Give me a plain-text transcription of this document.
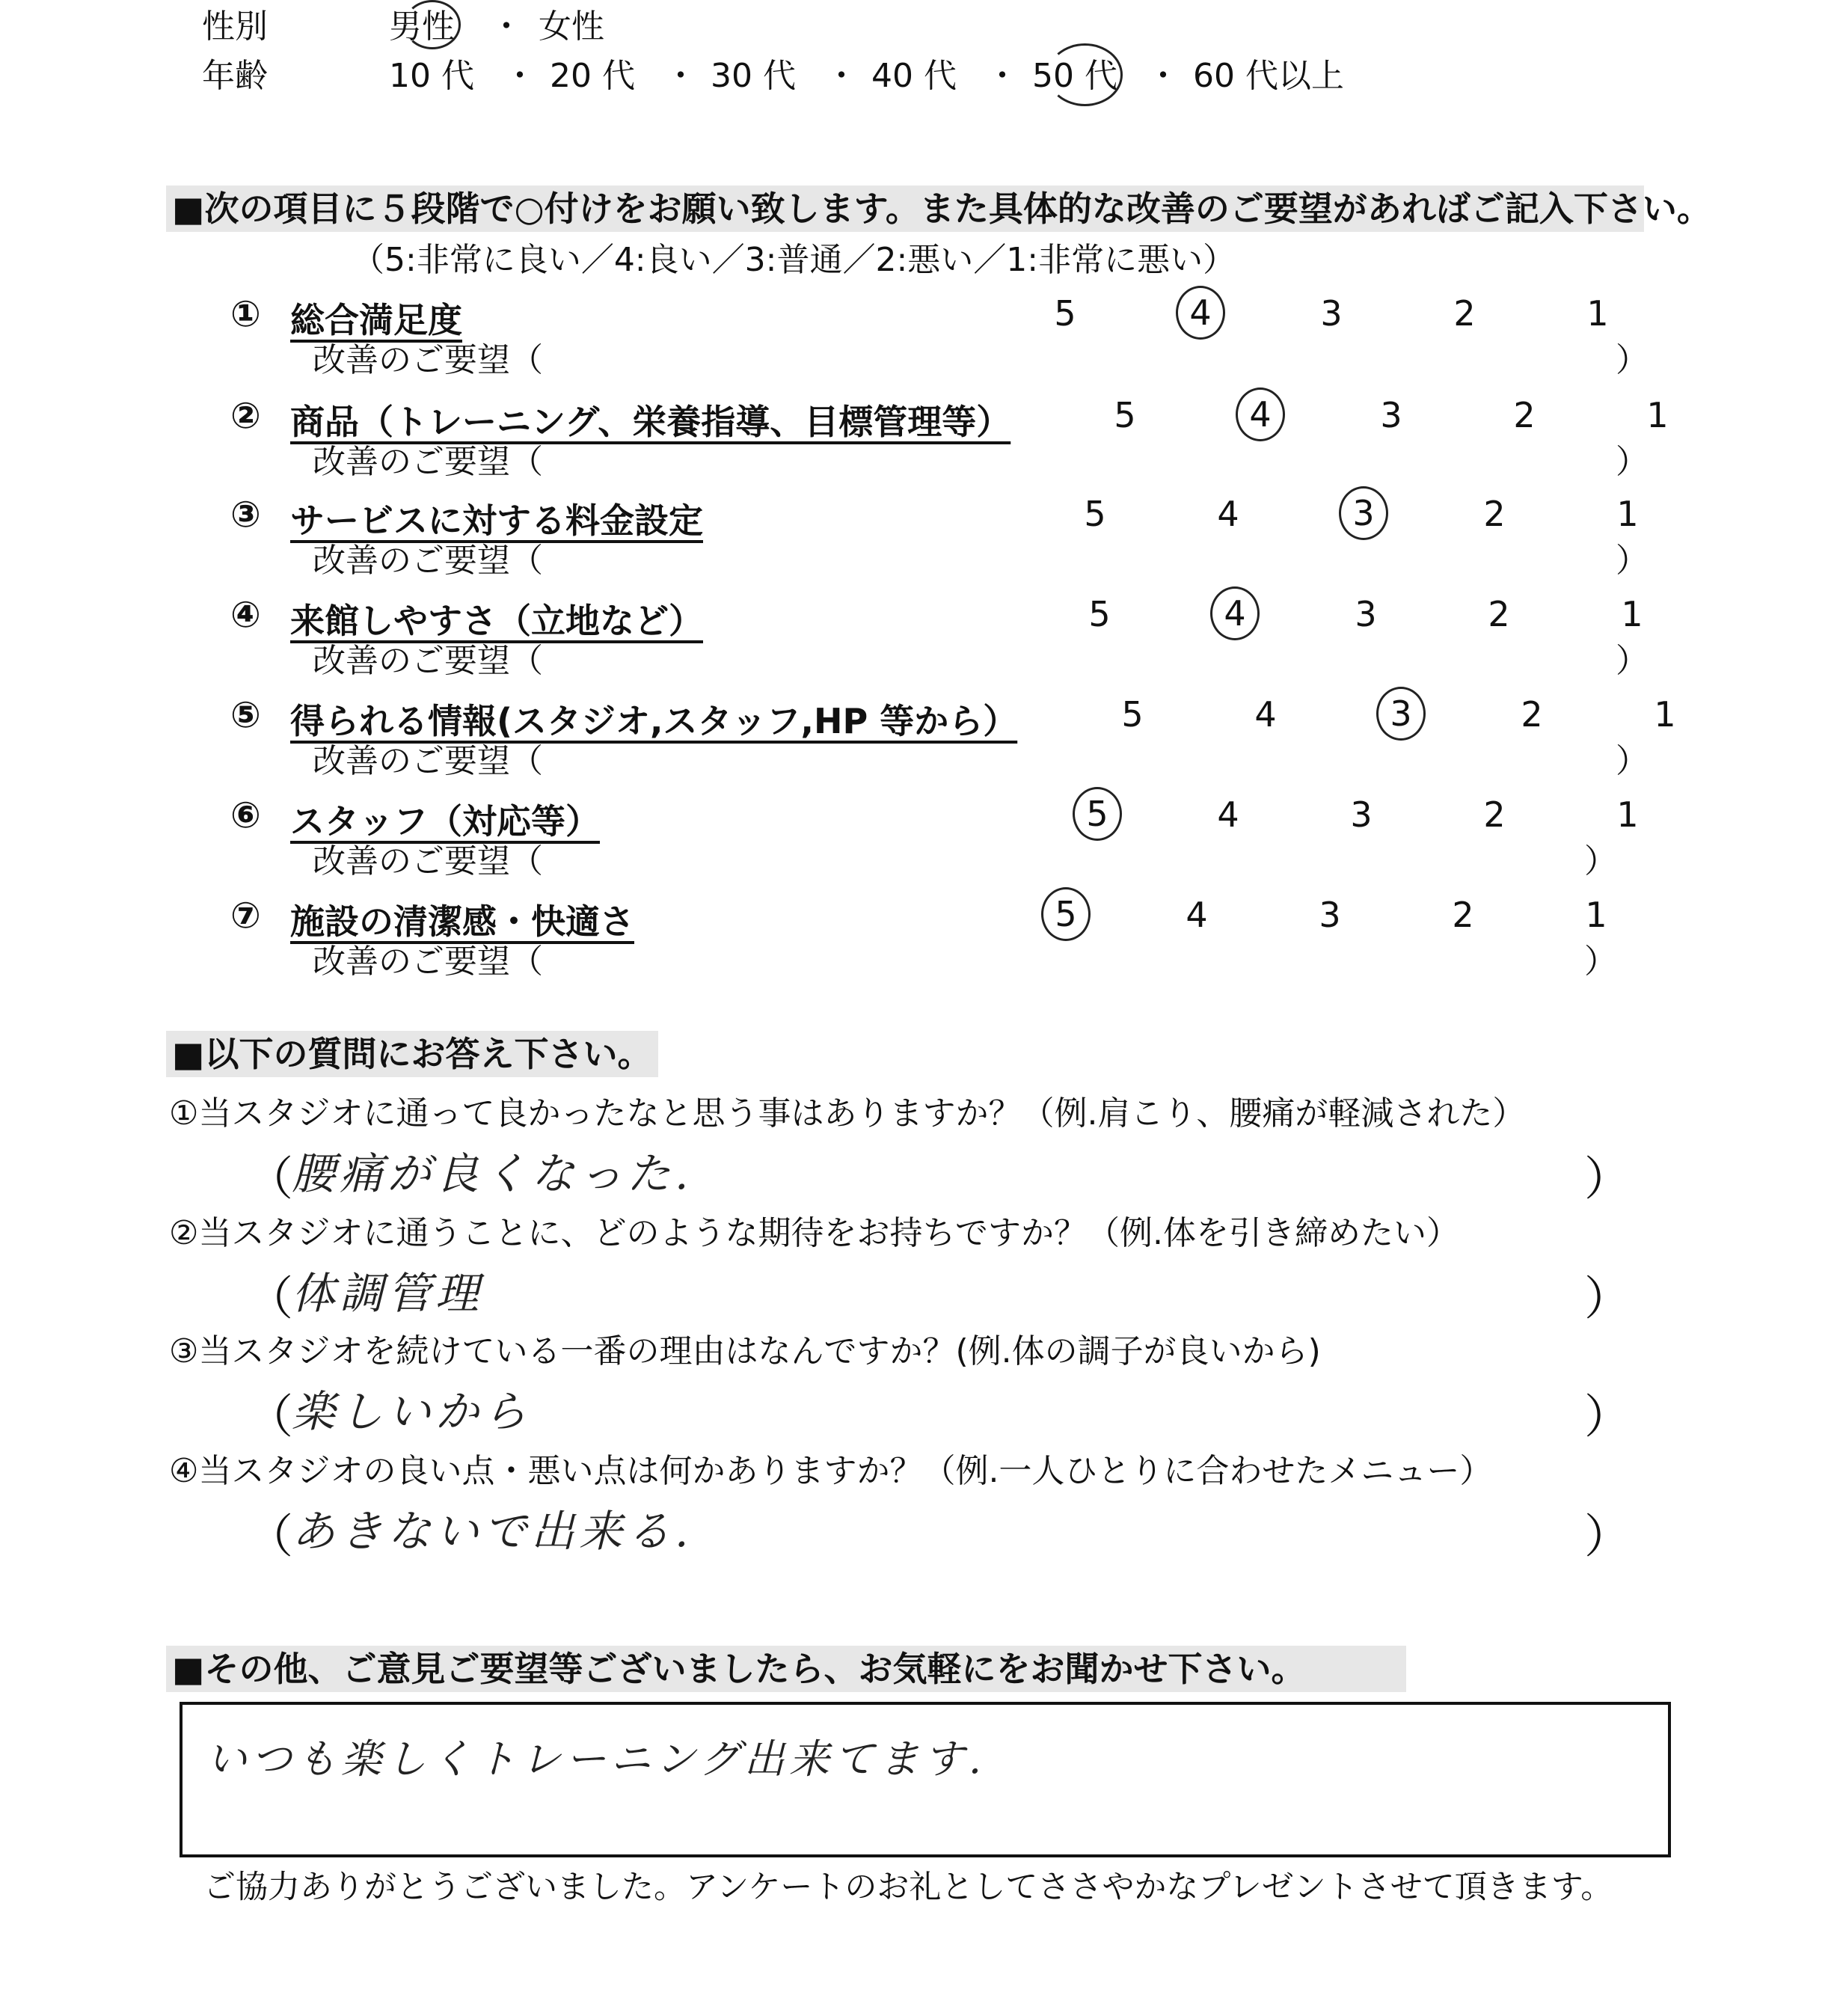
性別	男性 ・ 女性
年齢	10 代 ・ 20 代 ・ 30 代 ・ 40 代 ・ 50 代 ・ 60 代以上
■次の項目に５段階で○付けをお願い致します。また具体的な改善のご要望があればご記入下さい。
（5:非常に良い／4:良い／3:普通／2:悪い／1:非常に悪い）
① 総合満足度	5	4	3	2	1
改善のご要望（	）
② 商品（トレーニング、栄養指導、目標管理等）	5	4	3	2	1
改善のご要望（	）
③ サービスに対する料金設定	5	4	3	2	1
改善のご要望（	）
④ 来館しやすさ（立地など）	5	4	3	2	1
改善のご要望（	）
⑤ 得られる情報(スタジオ,スタッフ,HP 等から）	5	4	3	2	1
改善のご要望（	）
⑥ スタッフ（対応等）	5	4	3	2	1
改善のご要望（	）
⑦ 施設の清潔感・快適さ	5	4	3	2	1
改善のご要望（	）
■以下の質問にお答え下さい。
①当スタジオに通って良かったなと思う事はありますか？（例.肩こり、腰痛が軽減された）
（
腰痛が良くなった.	）
②当スタジオに通うことに、どのような期待をお持ちですか？（例.体を引き締めたい）
（
体調管理	）
③当スタジオを続けている一番の理由はなんですか？(例.体の調子が良いから)
（
楽しいから	）
④当スタジオの良い点・悪い点は何かありますか？（例.一人ひとりに合わせたメニュー）
（
あきないで出来る.	）
■その他、ご意見ご要望等ございましたら、お気軽にをお聞かせ下さい。
いつも楽しくトレーニング出来てます.
ご協力ありがとうございました。アンケートのお礼としてささやかなプレゼントさせて頂きます。
